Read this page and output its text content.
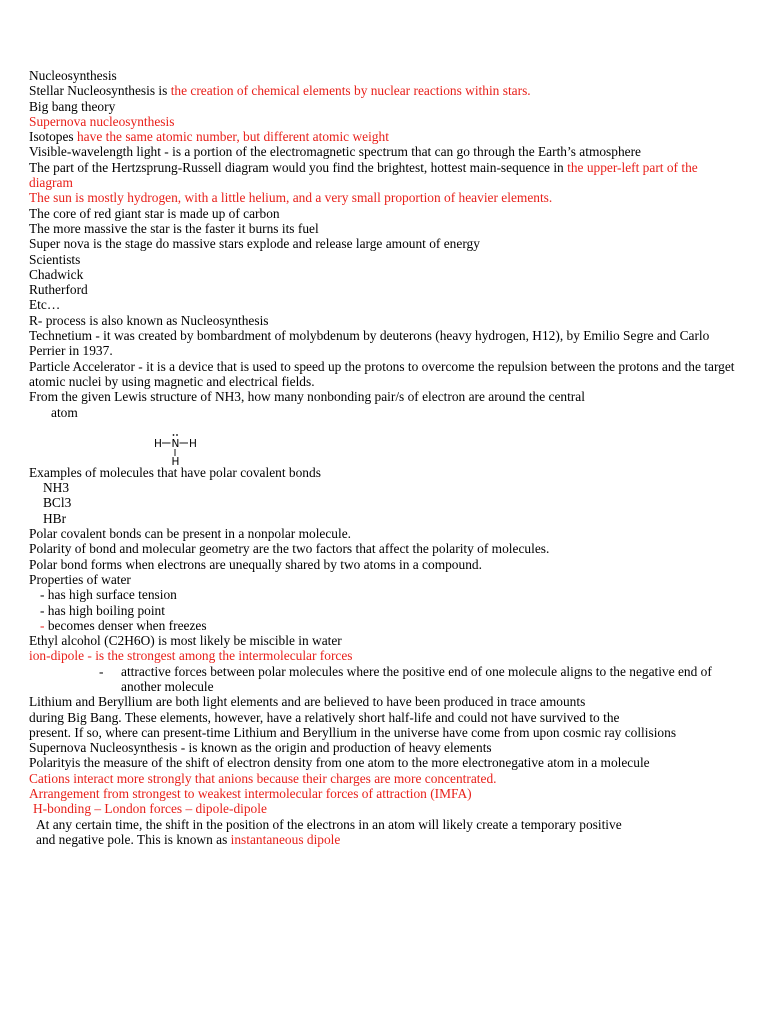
Nucleosynthesis
Stellar Nucleosynthesis is the creation of chemical elements by nuclear reactions within stars.
Big bang theory
Supernova nucleosynthesis
Isotopes have the same atomic number, but different atomic weight
Visible-wavelength light - is a portion of the electromagnetic spectrum that can go through the Earth’s atmosphere
The part of the Hertzsprung-Russell diagram would you find the brightest, hottest main-sequence in the upper-left part of the diagram
The sun is mostly hydrogen, with a little helium, and a very small proportion of heavier elements.
The core of red giant star is made up of carbon
The more massive the star is the faster it burns its fuel
Super nova is the stage do massive stars explode and release large amount of energy
Scientists
Chadwick
Rutherford
Etc…
R- process is also known as Nucleosynthesis
Technetium - it was created by bombardment of molybdenum by deuterons (heavy hydrogen, H12), by Emilio Segre and Carlo Perrier in 1937.
Particle Accelerator - it is a device that is used to speed up the protons to overcome the repulsion between the protons and the target atomic nuclei by using magnetic and electrical fields.
From the given Lewis structure of NH3, how many nonbonding pair/s of electron are around the central
atom
H N H
H
Examples of molecules that have polar covalent bonds
NH3
BCl3
HBr
Polar covalent bonds can be present in a nonpolar molecule.
Polarity of bond and molecular geometry are the two factors that affect the polarity of molecules.
Polar bond forms when electrons are unequally shared by two atoms in a compound.
Properties of water
- has high surface tension
- has high boiling point
- becomes denser when freezes
Ethyl alcohol (C2H6O) is most likely be miscible in water
ion-dipole - is the strongest among the intermolecular forces
- attractive forces between polar molecules where the positive end of one molecule aligns to the negative end of another molecule
Lithium and Beryllium are both light elements and are believed to have been produced in trace amounts
during Big Bang. These elements, however, have a relatively short half-life and could not have survived to the
present. If so, where can present-time Lithium and Beryllium in the universe have come from upon cosmic ray collisions
Supernova Nucleosynthesis - is known as the origin and production of heavy elements
Polarityis the measure of the shift of electron density from one atom to the more electronegative atom in a molecule
Cations interact more strongly that anions because their charges are more concentrated.
Arrangement from strongest to weakest intermolecular forces of attraction (IMFA)
H-bonding – London forces – dipole-dipole
At any certain time, the shift in the position of the electrons in an atom will likely create a temporary positive
and negative pole. This is known as instantaneous dipole
